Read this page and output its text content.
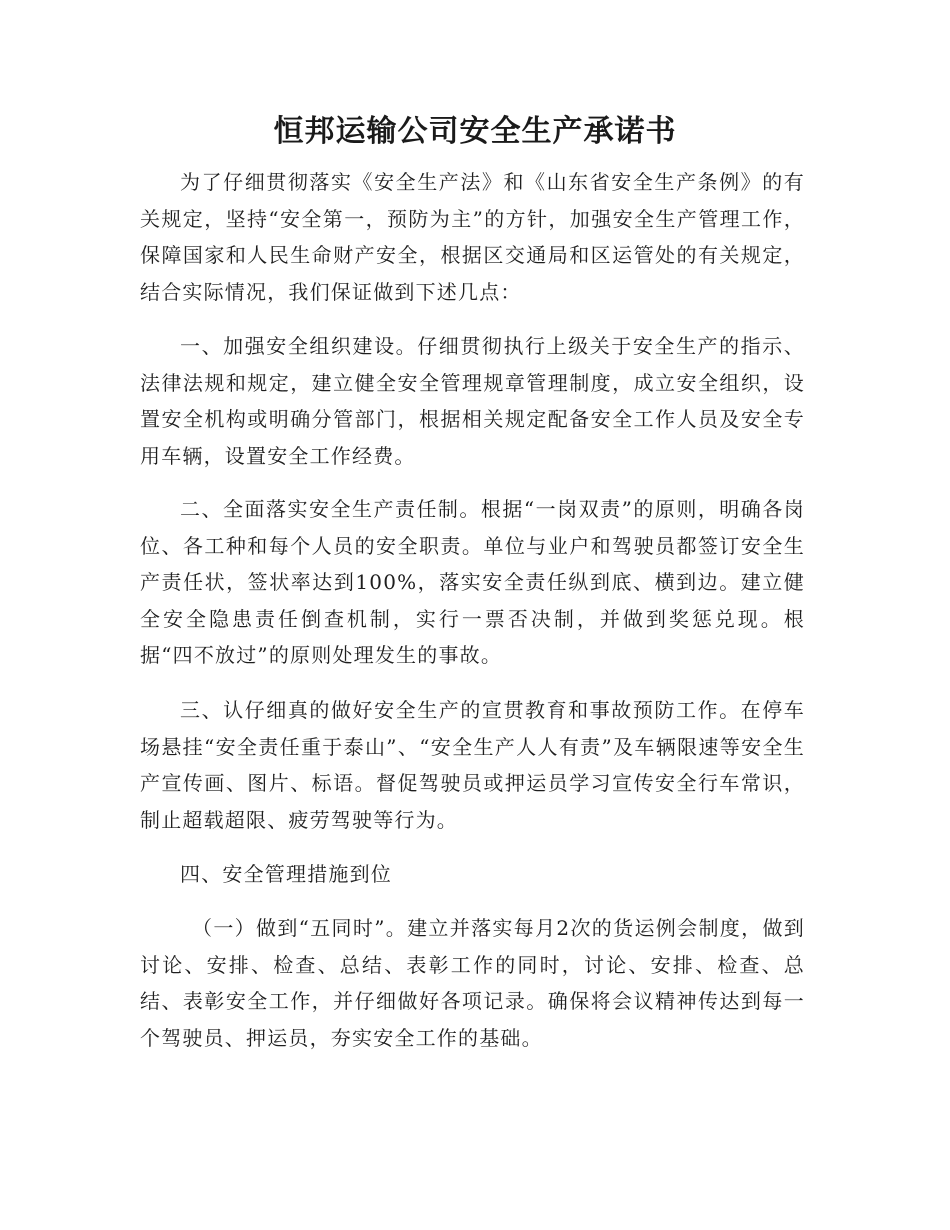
恒邦运输公司安全生产承诺书

为了仔细贯彻落实《安全生产法》和《山东省安全生产条例》的有关规定，坚持“安全第一，预防为主”的方针，加强安全生产管理工作，保障国家和人民生命财产安全，根据区交通局和区运管处的有关规定，结合实际情况，我们保证做到下述几点：

一、加强安全组织建设。仔细贯彻执行上级关于安全生产的指示、法律法规和规定，建立健全安全管理规章管理制度，成立安全组织，设置安全机构或明确分管部门，根据相关规定配备安全工作人员及安全专用车辆，设置安全工作经费。

二、全面落实安全生产责任制。根据“一岗双责”的原则，明确各岗位、各工种和每个人员的安全职责。单位与业户和驾驶员都签订安全生产责任状，签状率达到100%，落实安全责任纵到底、横到边。建立健全安全隐患责任倒查机制，实行一票否决制，并做到奖惩兑现。根据“四不放过”的原则处理发生的事故。

三、认仔细真的做好安全生产的宣贯教育和事故预防工作。在停车场悬挂“安全责任重于泰山”、“安全生产人人有责”及车辆限速等安全生产宣传画、图片、标语。督促驾驶员或押运员学习宣传安全行车常识，制止超载超限、疲劳驾驶等行为。

四、安全管理措施到位

（一）做到“五同时”。建立并落实每月2次的货运例会制度，做到讨论、安排、检查、总结、表彰工作的同时，讨论、安排、检查、总结、表彰安全工作，并仔细做好各项记录。确保将会议精神传达到每一个驾驶员、押运员，夯实安全工作的基础。
